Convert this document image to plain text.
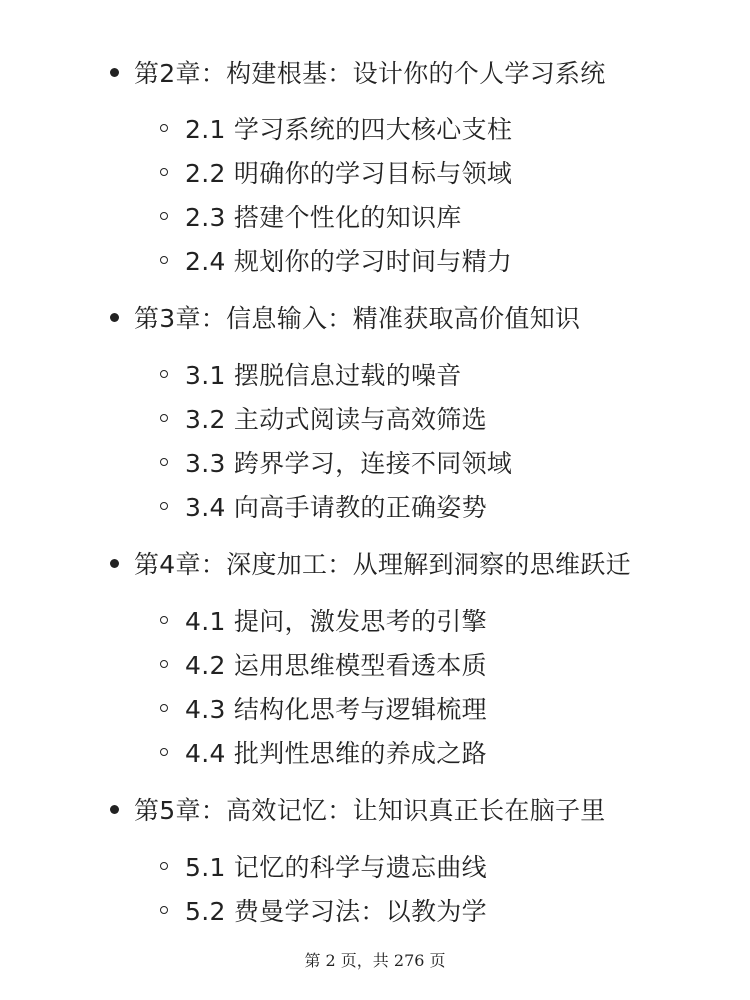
第2章：构建根基：设计你的个人学习系统
2.1 学习系统的四大核心支柱
2.2 明确你的学习目标与领域
2.3 搭建个性化的知识库
2.4 规划你的学习时间与精力
第3章：信息输入：精准获取高价值知识
3.1 摆脱信息过载的噪音
3.2 主动式阅读与高效筛选
3.3 跨界学习，连接不同领域
3.4 向高手请教的正确姿势
第4章：深度加工：从理解到洞察的思维跃迁
4.1 提问，激发思考的引擎
4.2 运用思维模型看透本质
4.3 结构化思考与逻辑梳理
4.4 批判性思维的养成之路
第5章：高效记忆：让知识真正长在脑子里
5.1 记忆的科学与遗忘曲线
5.2 费曼学习法：以教为学
第 2 页，共 276 页
